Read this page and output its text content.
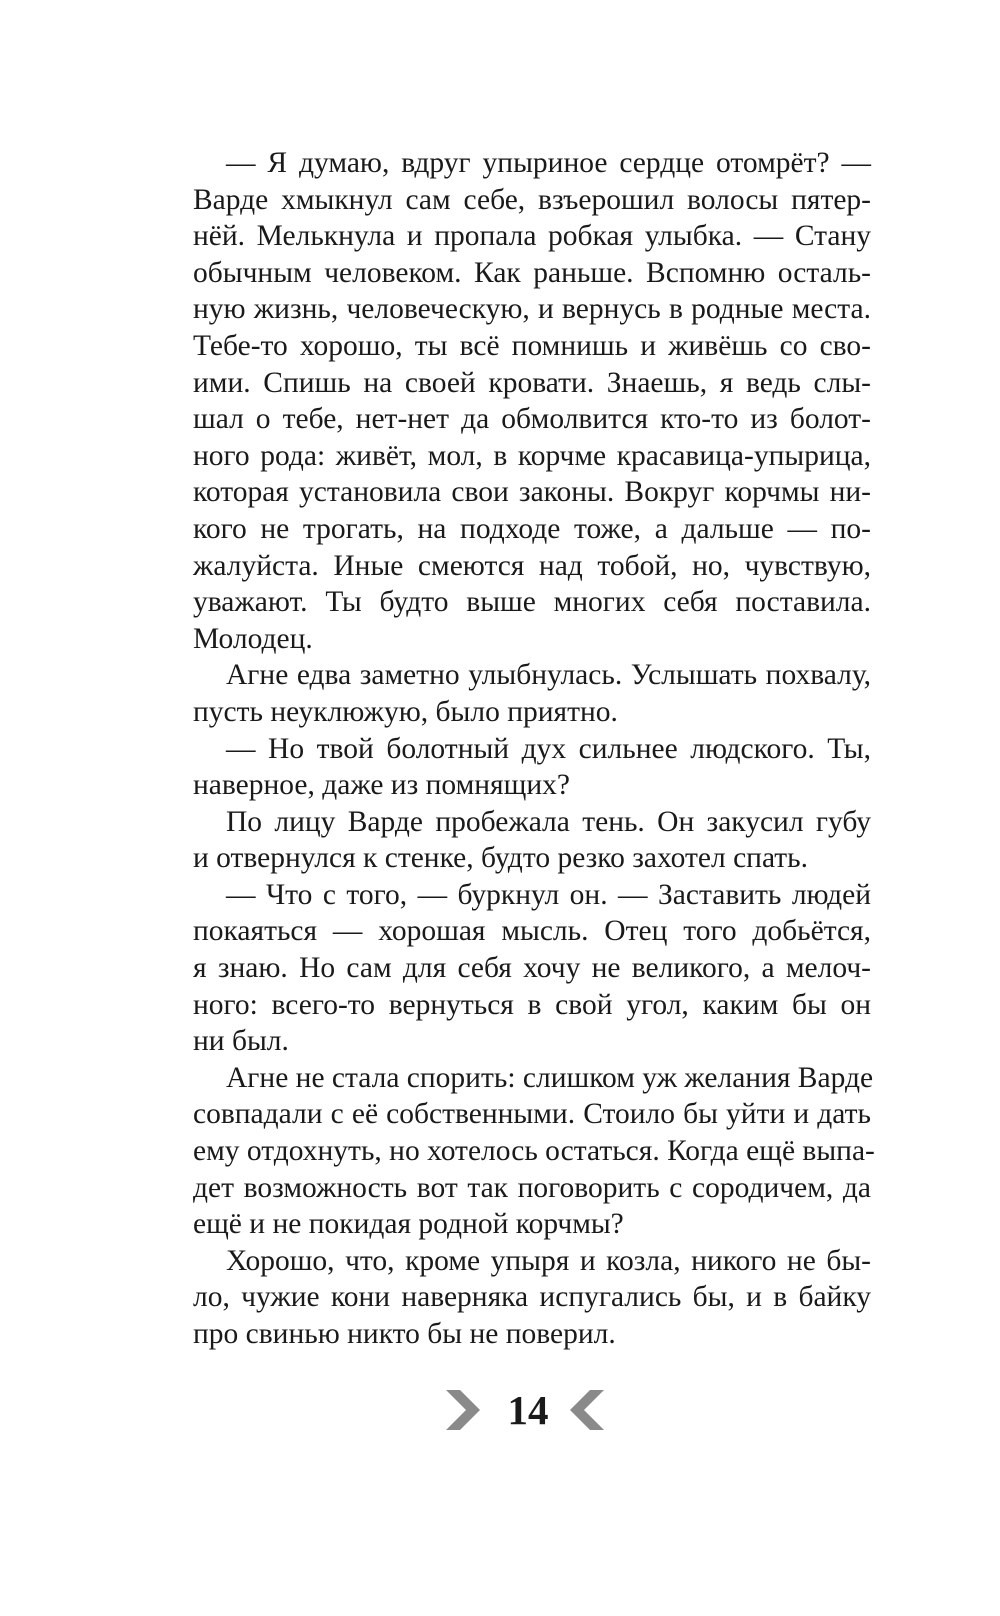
— Я думаю, вдруг упыриное сердце отомрёт? —
Варде хмыкнул сам себе, взъерошил волосы пятер-
нёй. Мелькнула и пропала робкая улыбка. — Стану
обычным человеком. Как раньше. Вспомню осталь-
ную жизнь, человеческую, и вернусь в родные места.
Тебе-то хорошо, ты всё помнишь и живёшь со сво-
ими. Спишь на своей кровати. Знаешь, я ведь слы-
шал о тебе, нет-нет да обмолвится кто-то из болот-
ного рода: живёт, мол, в корчме красавица-упырица,
которая установила свои законы. Вокруг корчмы ни-
кого не трогать, на подходе тоже, а дальше — по-
жалуйста. Иные смеются над тобой, но, чувствую,
уважают. Ты будто выше многих себя поставила.
Молодец.
Агне едва заметно улыбнулась. Услышать похвалу,
пусть неуклюжую, было приятно.
— Но твой болотный дух сильнее людского. Ты,
наверное, даже из помнящих?
По лицу Варде пробежала тень. Он закусил губу
и отвернулся к стенке, будто резко захотел спать.
— Что с того, — буркнул он. — Заставить людей
покаяться — хорошая мысль. Отец того добьётся,
я знаю. Но сам для себя хочу не великого, а мелоч-
ного: всего-то вернуться в свой угол, каким бы он
ни был.
Агне не стала спорить: слишком уж желания Варде
совпадали с её собственными. Стоило бы уйти и дать
ему отдохнуть, но хотелось остаться. Когда ещё выпа-
дет возможность вот так поговорить с сородичем, да
ещё и не покидая родной корчмы?
Хорошо, что, кроме упыря и козла, никого не бы-
ло, чужие кони наверняка испугались бы, и в байку
про свинью никто бы не поверил.
14
